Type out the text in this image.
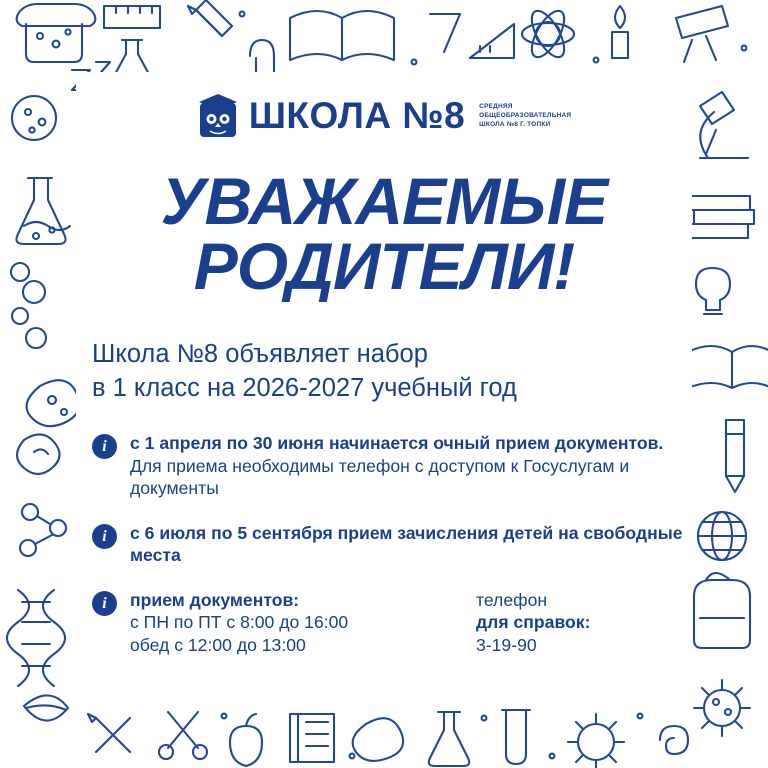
ШКОЛА №8 СРЕДНЯЯ
ОБЩЕОБРАЗОВАТЕЛЬНАЯ
ШКОЛА №8 Г. ТОПКИ
УВАЖАЕМЫЕ
РОДИТЕЛИ!
Школа №8 объявляет набор
в 1 класс на 2026-2027 учебный год
i	с 1 апреля по 30 июня начинается очный прием документов. Для приема необходимы телефон с доступом к Госуслугам и документы
i	с 6 июля по 5 сентября прием зачисления детей на свободные места
i	прием документов:
с ПН по ПТ с 8:00 до 16:00
обед с 12:00 до 13:00
телефон
для справок:
3-19-90
